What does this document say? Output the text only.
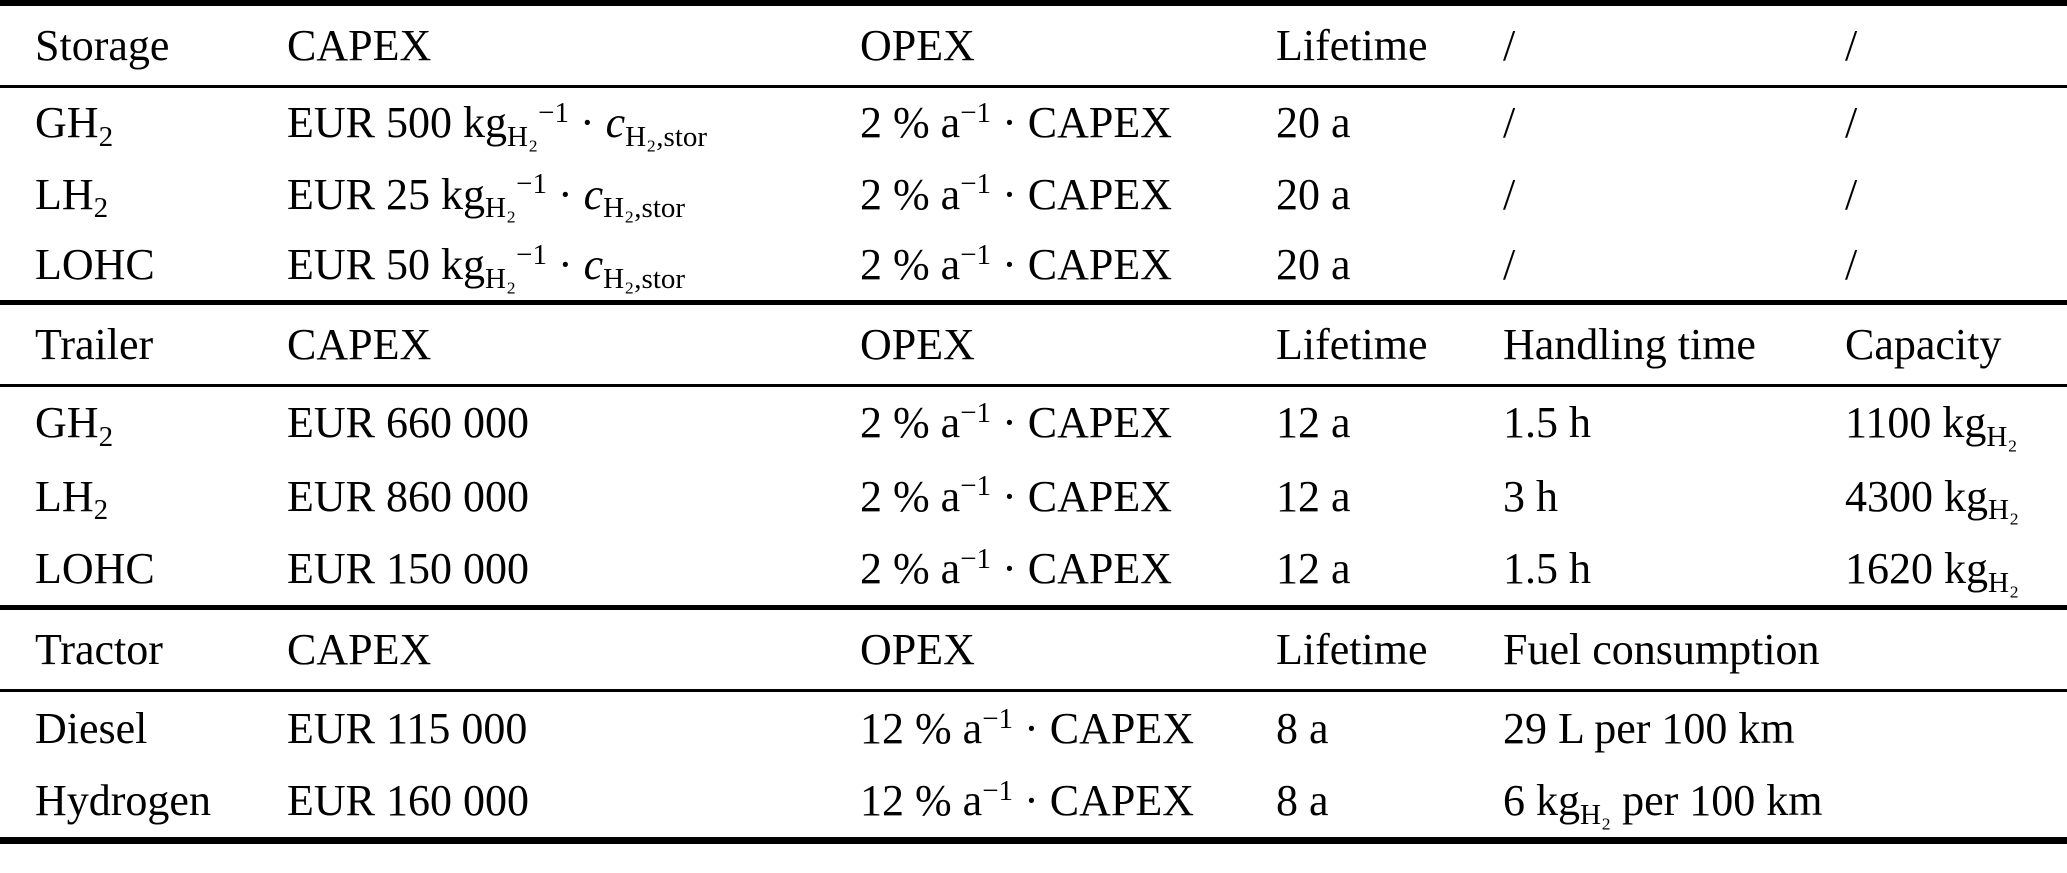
Storage	CAPEX	OPEX	Lifetime	/	/
$GH_2$	EUR 500 $kg_{H_2}^{-1} \cdot c_{H_2,stor}$	2 % $a^{-1}$ · CAPEX	20 a	/	/
$LH_2$	EUR 25 $kg_{H_2}^{-1} \cdot c_{H_2,stor}$	2 % $a^{-1}$ · CAPEX	20 a	/	/
LOHC	EUR 50 $kg_{H_2}^{-1} \cdot c_{H_2,stor}$	2 % $a^{-1}$ · CAPEX	20 a	/	/
Trailer	CAPEX	OPEX	Lifetime	Handling time	Capacity
$GH_2$	EUR 660 000	2 % $a^{-1}$ · CAPEX	12 a	1.5 h	1100 $kg_{H_2}$
$LH_2$	EUR 860 000	2 % $a^{-1}$ · CAPEX	12 a	3 h	4300 $kg_{H_2}$
LOHC	EUR 150 000	2 % $a^{-1}$ · CAPEX	12 a	1.5 h	1620 $kg_{H_2}$
Tractor	CAPEX	OPEX	Lifetime	Fuel consumption	
Diesel	EUR 115 000	12 % $a^{-1}$ · CAPEX	8 a	29 L per 100 km	
Hydrogen	EUR 160 000	12 % $a^{-1}$ · CAPEX	8 a	6 $kg_{H_2}$ per 100 km	
